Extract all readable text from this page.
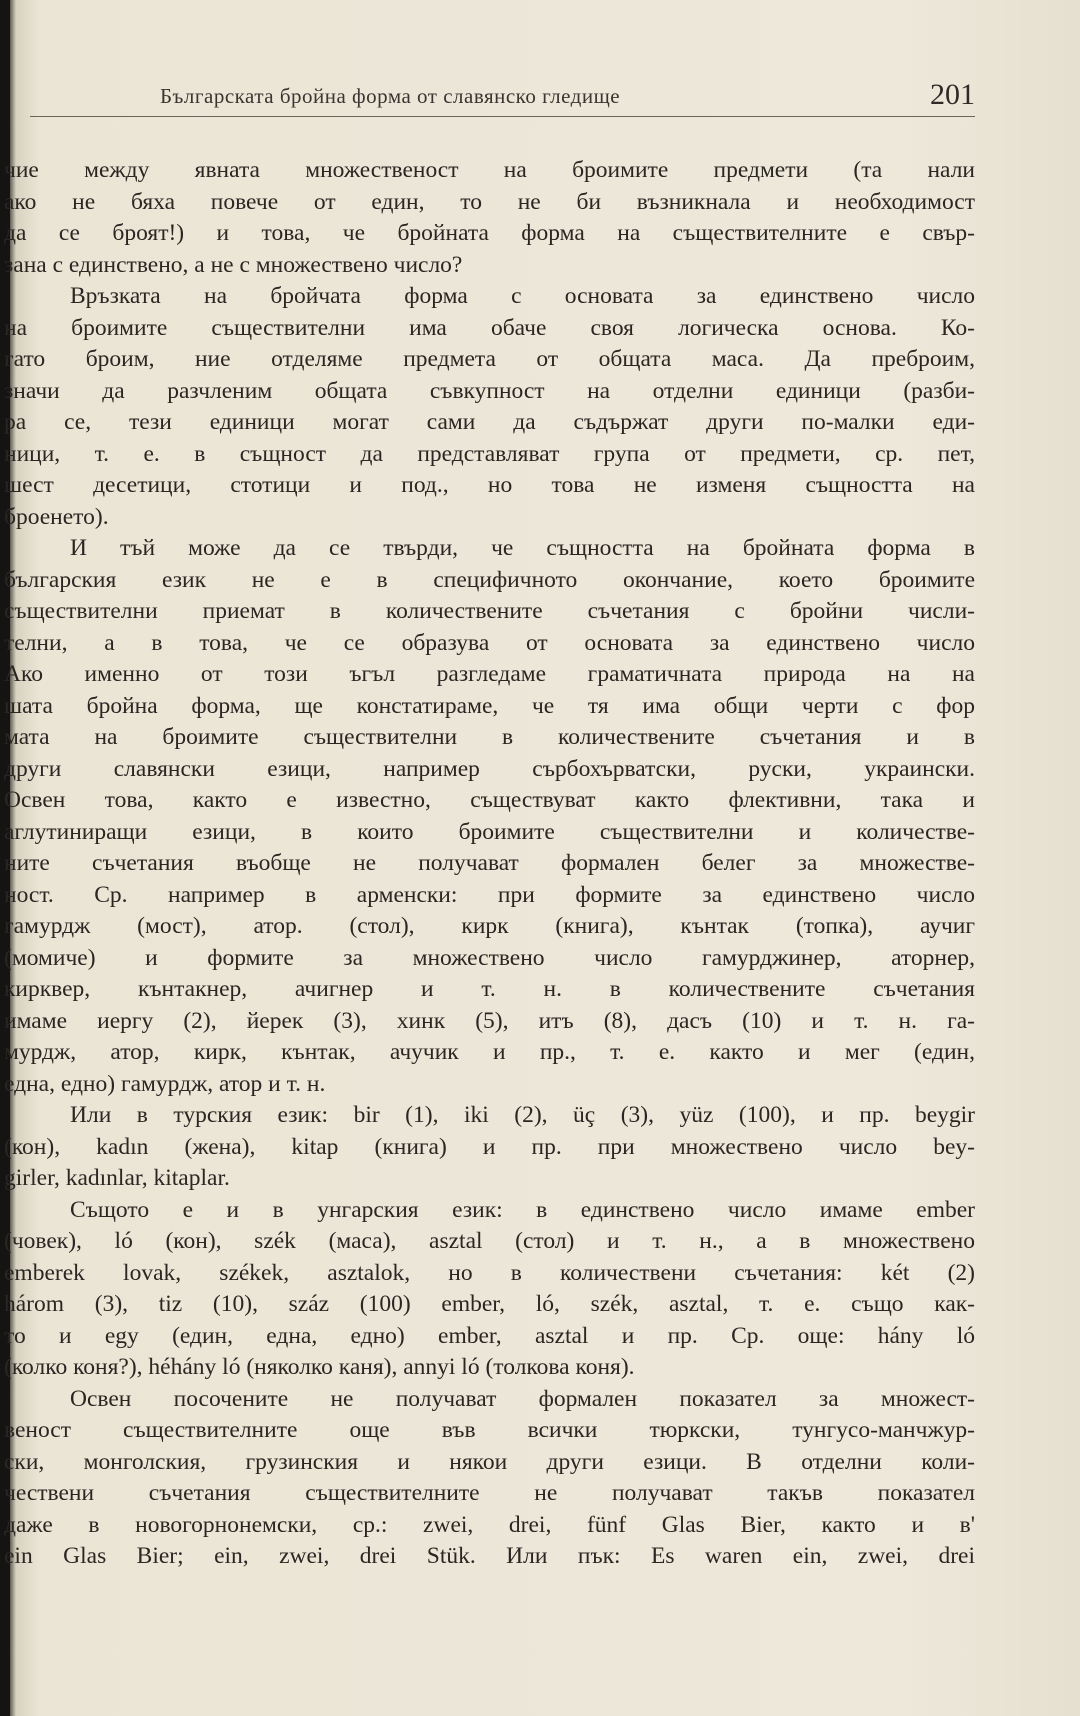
Българската бройна форма от славянско гледище	201
чие между явната множественост на броимите предмети (та нали
ако не бяха повече от един, то не би възникнала и необходимост
да се броят!) и това, че бройната форма на съществителните е свър-
зана с единствено, а не с множествено число?
Връзката на бройчата форма с основата за единствено число
на броимите съществителни има обаче своя логическа основа. Ко-
гато броим, ние отделяме предмета от общата маса. Да преброим,
значи да разчленим общата съвкупност на отделни единици (разби-
ра се, тези единици могат сами да съдържат други по-малки еди-
ници, т. е. в същност да представляват група от предмети, ср. пет,
шест десетици, стотици и под., но това не изменя същността на
броенето).
И тъй може да се твърди, че същността на бройната форма в
българския език не е в специфичното окончание, което броимите
съществителни приемат в количествените съчетания с бройни числи-
телни, а в това, че се образува от основата за единствено число
Ако именно от този ъгъл разгледаме граматичната природа на на
шата бройна форма, ще констатираме, че тя има общи черти с фор
мата на броимите съществителни в количествените съчетания и в
други славянски езици, например сърбохърватски, руски, украински.
Освен това, както е известно, съществуват както флективни, така и
аглутиниращи езици, в които броимите съществителни и количестве-
ните съчетания въобще не получават формален белег за множестве-
ност. Ср. например в арменски: при формите за единствено число
гамурдж (мост), атор. (стол), кирк (книга), кънтак (топка), аучиг
(момиче) и формите за множествено число гамурджинер, аторнер,
кирквер, кънтакнер, ачигнер и т. н. в количествените съчетания
имаме иергу (2), йерек (3), хинк (5), итъ (8), дасъ (10) и т. н. га-
мурдж, атор, кирк, кънтак, ачучик и пр., т. е. както и мег (един,
една, едно) гамурдж, атор и т. н.
Или в турския език: bir (1), iki (2), üç (3), yüz (100), и пр. beygir
(кон), kadın (жена), kitap (книга) и пр. при множествено число bey-
girler, kadınlar, kitaplar.
Същото е и в унгарския език: в единствено число имаме ember
(човек), ló (кон), szék (маса), asztal (стол) и т. н., а в множествено
emberek lovak, székek, asztalok, но в количествени съчетания: két (2)
három (3), tiz (10), száz (100) ember, ló, szék, asztal, т. е. също как-
то и egy (един, една, едно) ember, asztal и пр. Ср. още: hány ló
(колко коня?), héhány ló (няколко каня), annyi ló (толкова коня).
Освен посочените не получават формален показател за множест-
веност съществителните още във всички тюркски, тунгусо-манчжур-
ски, монголския, грузинския и някои други езици. В отделни коли-
чествени съчетания съществителните не получават такъв показател
даже в новогорнонемски, ср.: zwei, drei, fünf Glas Bier, както и в'
ein Glas Bier; ein, zwei, drei Stük. Или пък: Es waren ein, zwei, drei
